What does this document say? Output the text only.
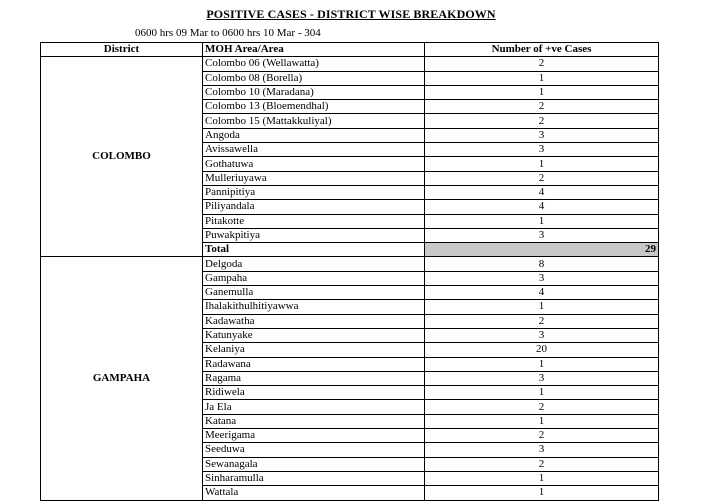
POSITIVE CASES - DISTRICT WISE BREAKDOWN
0600 hrs 09 Mar to 0600 hrs 10 Mar - 304
District	MOH Area/Area	Number of +ve Cases
COLOMBO	Colombo 06 (Wellawatta)	2
	Colombo 08 (Borella)	1
	Colombo 10 (Maradana)	1
	Colombo 13 (Bloemendhal)	2
	Colombo 15 (Mattakkuliyal)	2
	Angoda	3
	Avissawella	3
	Gothatuwa	1
	Mulleriuyawa	2
	Pannipitiya	4
	Piliyandala	4
	Pitakotte	1
	Puwakpitiya	3
	Total	29
GAMPAHA	Delgoda	8
	Gampaha	3
	Ganemulla	4
	Ihalakithulhitiyawwa	1
	Kadawatha	2
	Katunyake	3
	Kelaniya	20
	Radawana	1
	Ragama	3
	Ridiwela	1
	Ja Ela	2
	Katana	1
	Meerigama	2
	Seeduwa	3
	Sewanagala	2
	Sinharamulla	1
	Wattala	1
